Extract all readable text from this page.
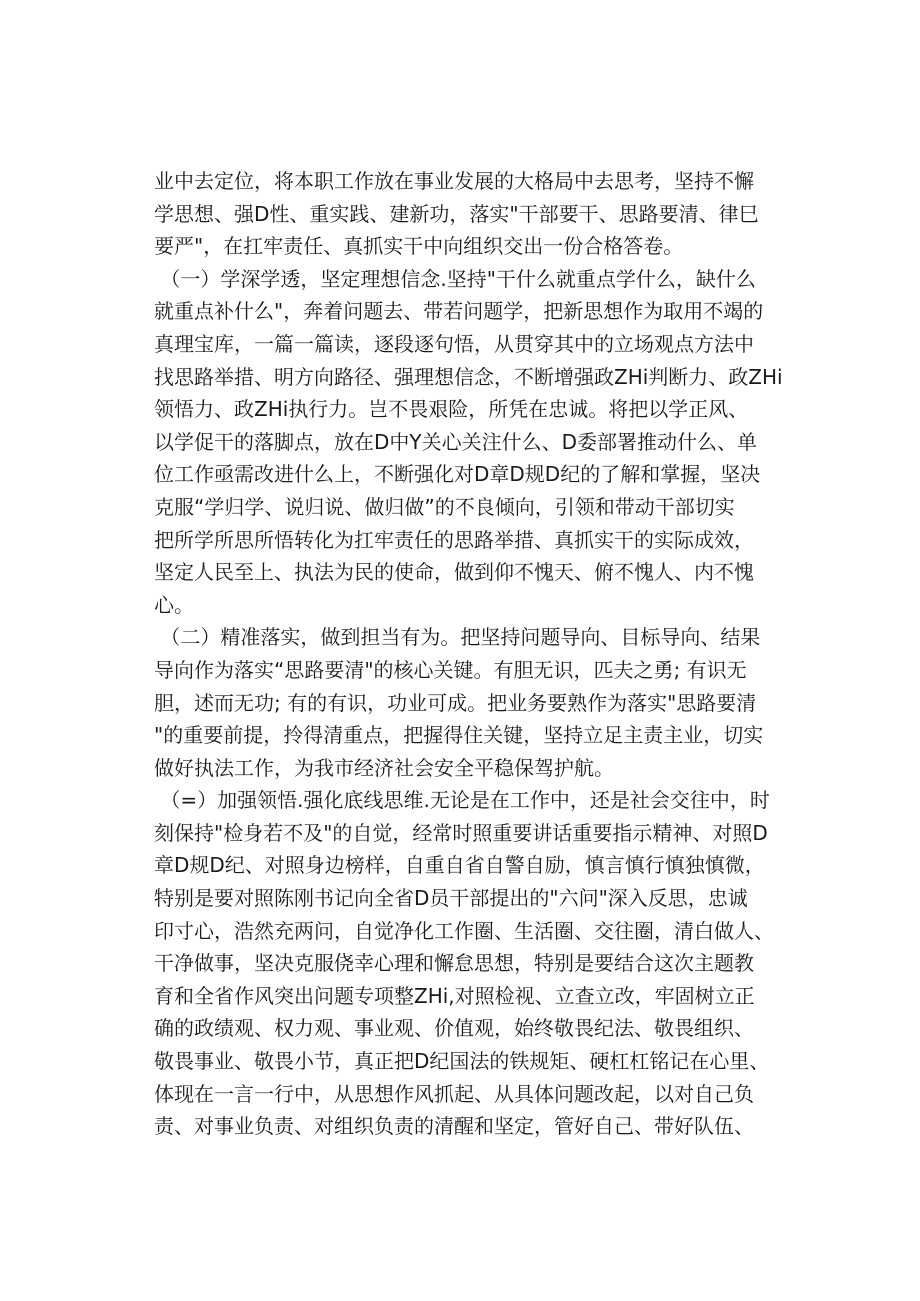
业中去定位，将本职工作放在事业发展的大格局中去思考，坚持不懈
学思想、强D性、重实践、建新功，落实"干部要干、思路要清、律巳
要严"，在扛牢责任、真抓实干中向组织交出一份合格答卷。
（一）学深学透，坚定理想信念.坚持"干什么就重点学什么，缺什么
就重点补什么"，奔着问题去、带若问题学，把新思想作为取用不竭的
真理宝库，一篇一篇读，逐段逐句悟，从贯穿其中的立场观点方法中
找思路举措、明方向路径、强理想信念，不断增强政ZHi判断力、政ZHi
领悟力、政ZHi执行力。岂不畏艰险，所凭在忠诚。将把以学正风、
以学促干的落脚点，放在D中Y关心关注什么、D委部署推动什么、单
位工作亟需改进什么上，不断强化对D章D规D纪的了解和掌握，坚决
克服“学归学、说归说、做归做”的不良倾向，引领和带动干部切实
把所学所思所悟转化为扛牢责任的思路举措、真抓实干的实际成效，
坚定人民至上、执法为民的使命，做到仰不愧天、俯不愧人、内不愧
心。
（二）精准落实，做到担当有为。把坚持问题导向、目标导向、结果
导向作为落实“思路要清"的核心关键。有胆无识，匹夫之勇; 有识无
胆，述而无功; 有的有识，功业可成。把业务要熟作为落实"思路要清
"的重要前提，拎得清重点，把握得住关键，坚持立足主责主业，切实
做好执法工作，为我市经济社会安全平稳保驾护航。
（=）加强领悟.强化底线思维.无论是在工作中，还是社会交往中，时
刻保持"检身若不及"的自觉，经常时照重要讲话重要指示精神、对照D
章D规D纪、对照身边榜样，自重自省自警自励，慎言慎行慎独慎微，
特别是要对照陈刚书记向全省D员干部提出的"六问"深入反思，忠诚
印寸心，浩然充两问，自觉净化工作圈、生活圈、交往圈，清白做人、
干净做事，坚决克服侥幸心理和懈怠思想，特别是要结合这次主题教
育和全省作风突出问题专项整ZHi,对照检视、立查立改，牢固树立正
确的政绩观、权力观、事业观、价值观，始终敬畏纪法、敬畏组织、
敬畏事业、敬畏小节，真正把D纪国法的铁规矩、硬杠杠铭记在心里、
体现在一言一行中，从思想作风抓起、从具体问题改起，以对自己负
责、对事业负责、对组织负责的清醒和坚定，管好自己、带好队伍、
